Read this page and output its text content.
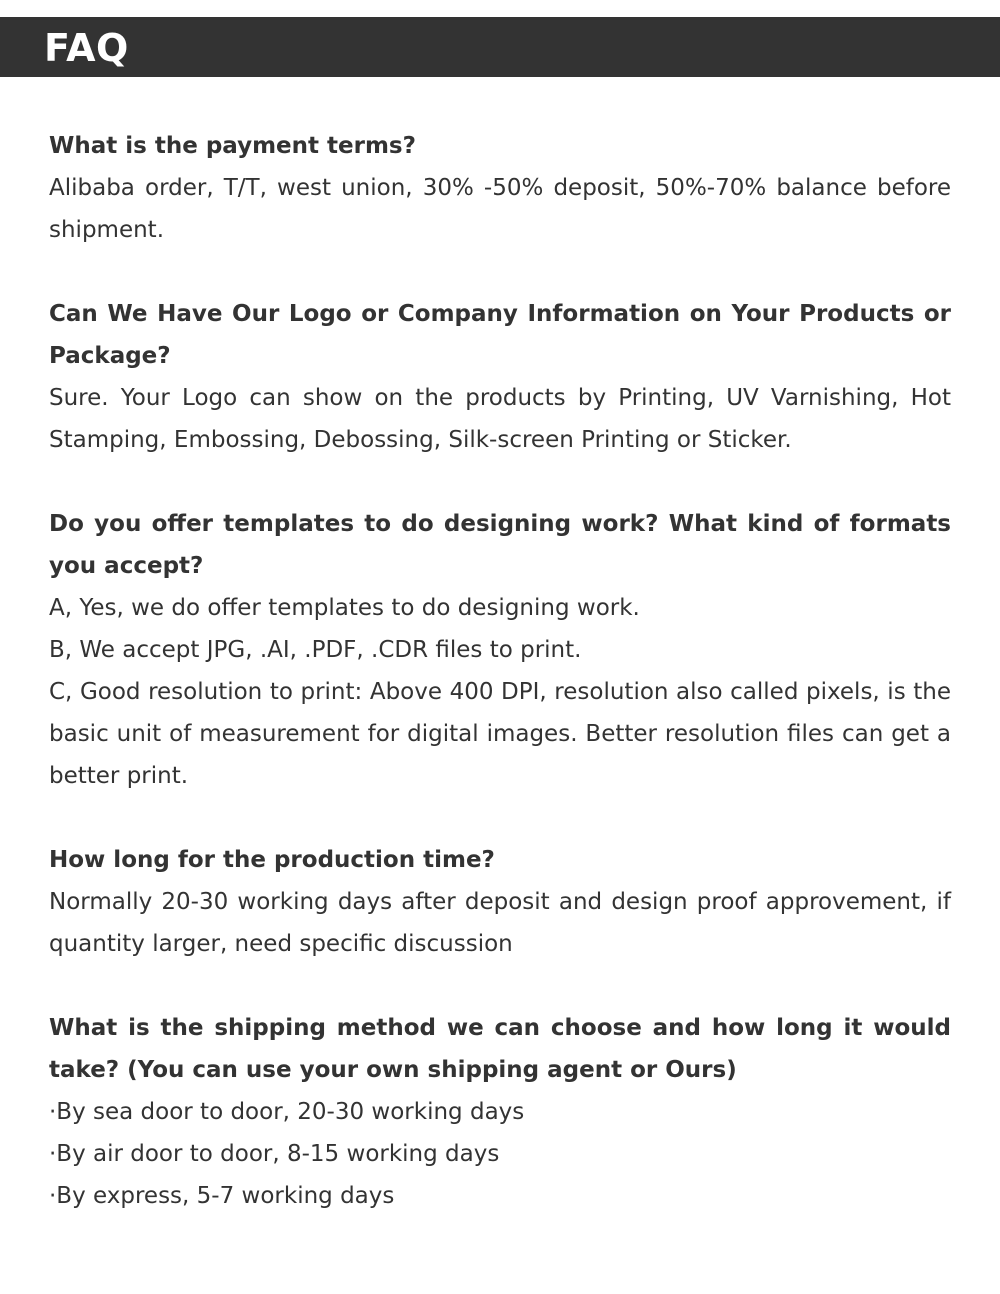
FAQ

What is the payment terms?

Alibaba order, T/T, west union, 30% -50% deposit, 50%-70% balance before shipment.

Can We Have Our Logo or Company Information on Your Products or Package?

Sure. Your Logo can show on the products by Printing, UV Varnishing, Hot Stamping, Embossing, Debossing, Silk-screen Printing or Sticker.

Do you offer templates to do designing work? What kind of formats you accept?

A, Yes, we do offer templates to do designing work.

B, We accept JPG, .AI, .PDF, .CDR files to print.

C, Good resolution to print: Above 400 DPI, resolution also called pixels, is the basic unit of measurement for digital images. Better resolution files can get a better print.

How long for the production time?

Normally 20-30 working days after deposit and design proof approvement, if quantity larger, need specific discussion

What is the shipping method we can choose and how long it would take? (You can use your own shipping agent or Ours)

·By sea door to door, 20-30 working days

·By air door to door, 8-15 working days

·By express, 5-7 working days
